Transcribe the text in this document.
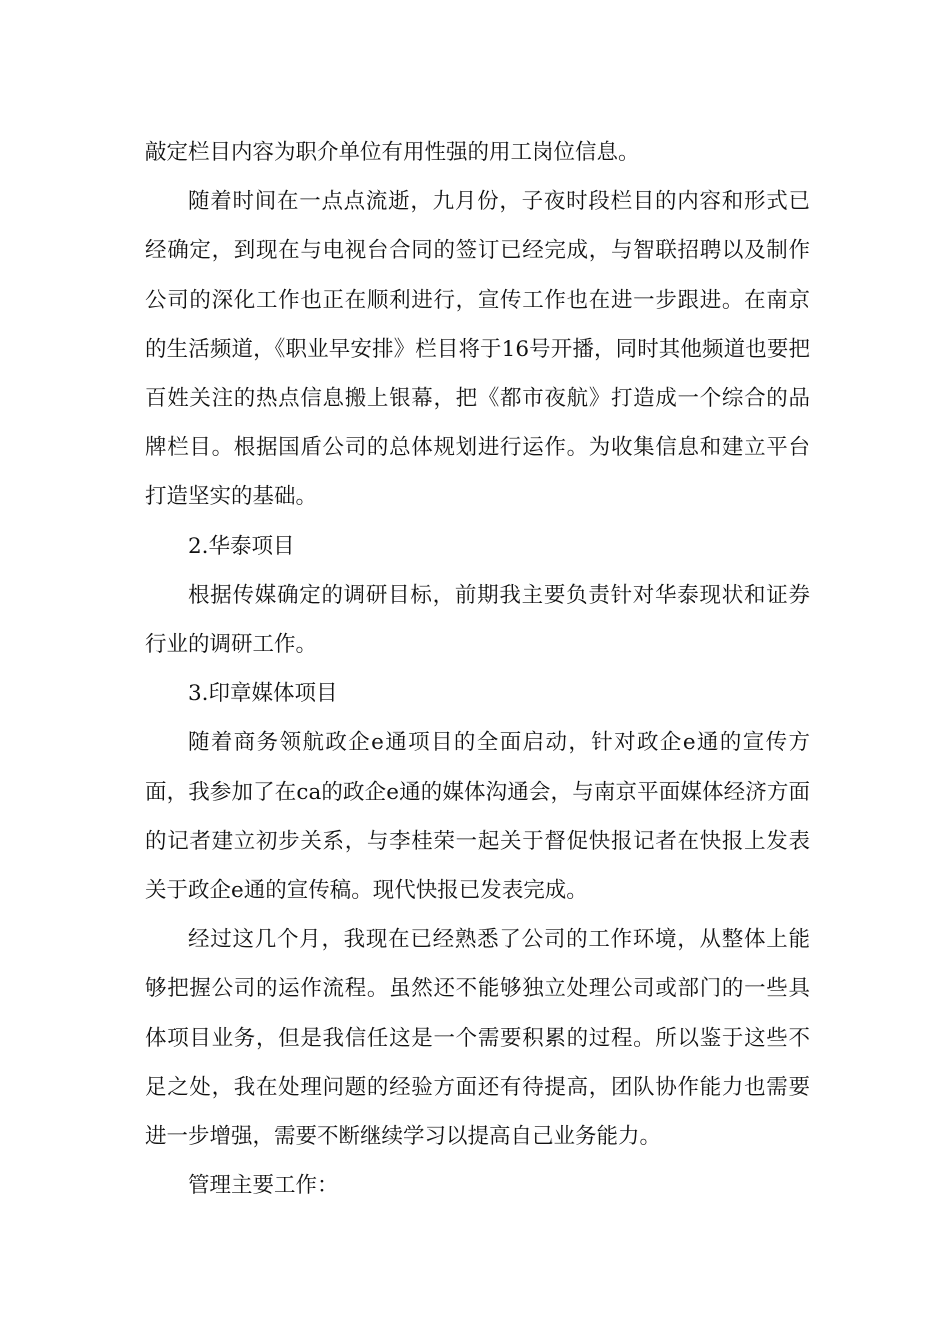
敲定栏目内容为职介单位有用性强的用工岗位信息。

随着时间在一点点流逝，九月份，子夜时段栏目的内容和形式已经确定，到现在与电视台合同的签订已经完成，与智联招聘以及制作公司的深化工作也正在顺利进行，宣传工作也在进一步跟进。在南京的生活频道，《职业早安排》栏目将于16号开播，同时其他频道也要把百姓关注的热点信息搬上银幕，把《都市夜航》打造成一个综合的品牌栏目。根据国盾公司的总体规划进行运作。为收集信息和建立平台打造坚实的基础。

2.华泰项目

根据传媒确定的调研目标，前期我主要负责针对华泰现状和证券行业的调研工作。

3.印章媒体项目

随着商务领航政企e通项目的全面启动，针对政企e通的宣传方面，我参加了在ca的政企e通的媒体沟通会，与南京平面媒体经济方面的记者建立初步关系，与李桂荣一起关于督促快报记者在快报上发表关于政企e通的宣传稿。现代快报已发表完成。

经过这几个月，我现在已经熟悉了公司的工作环境，从整体上能够把握公司的运作流程。虽然还不能够独立处理公司或部门的一些具体项目业务，但是我信任这是一个需要积累的过程。所以鉴于这些不足之处，我在处理问题的经验方面还有待提高，团队协作能力也需要进一步增强，需要不断继续学习以提高自己业务能力。

管理主要工作：
